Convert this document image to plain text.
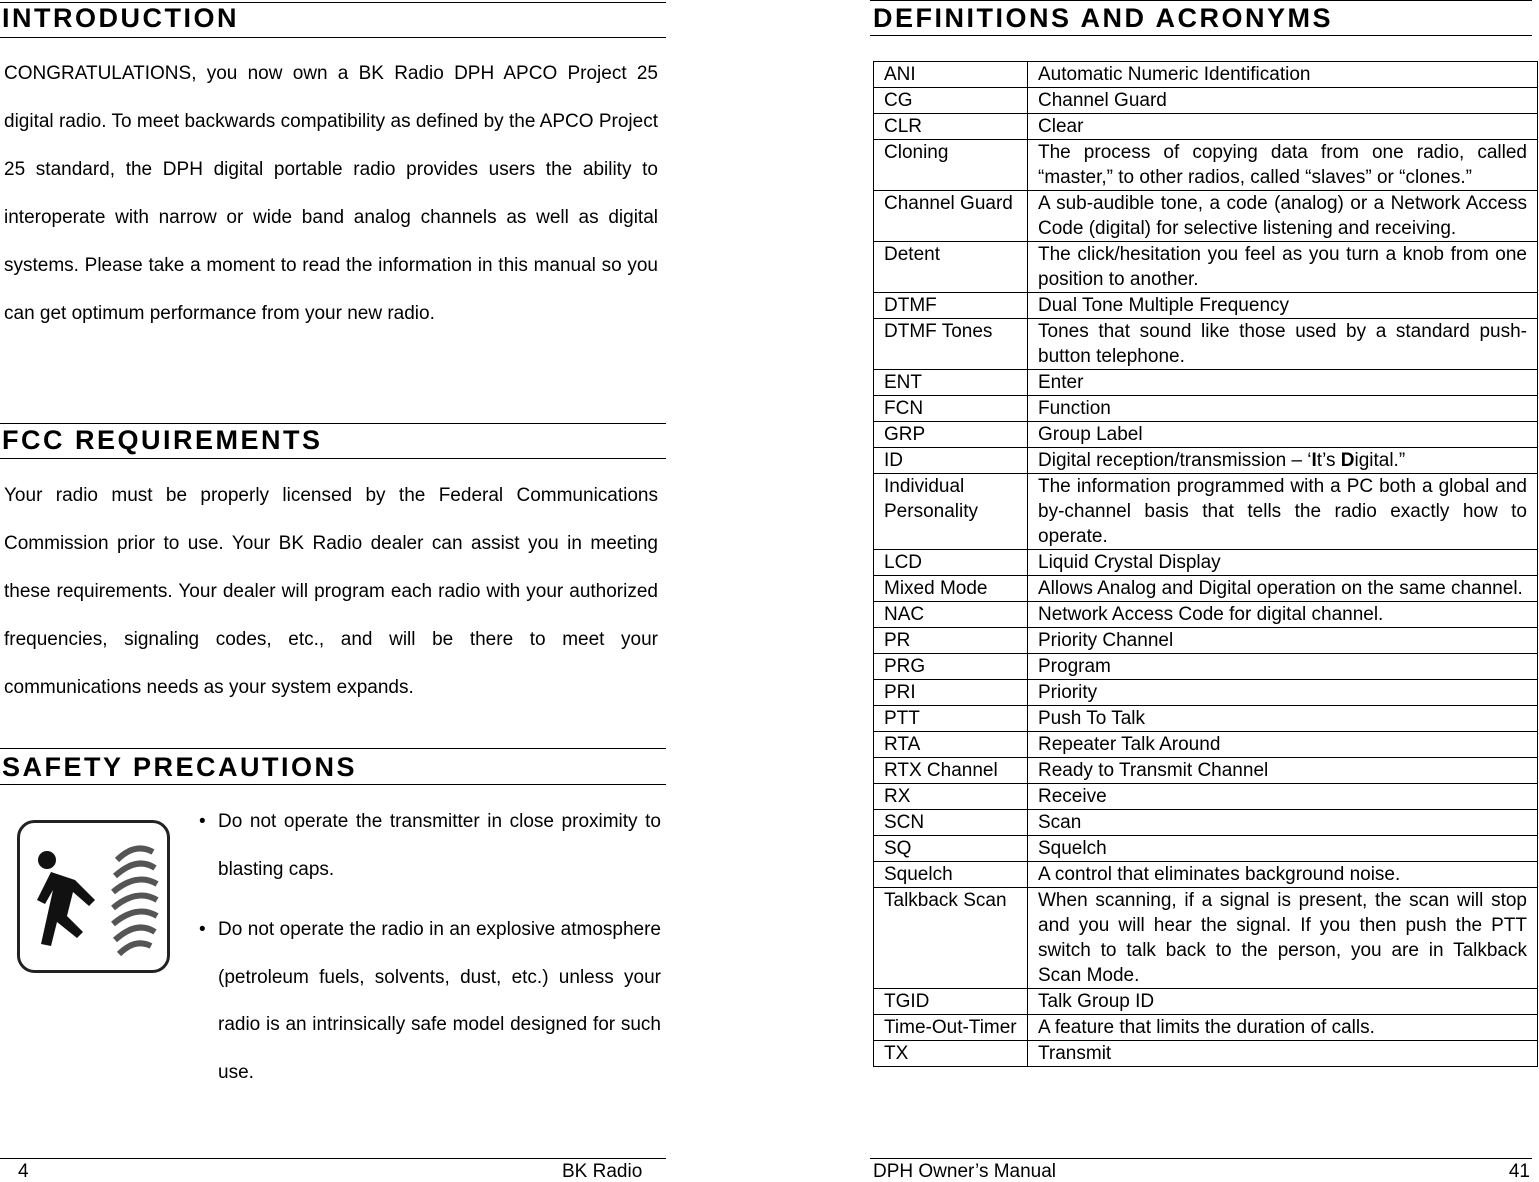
INTRODUCTION

CONGRATULATIONS, you now own a BK Radio DPH APCO Project 25 digital radio. To meet backwards compatibility as defined by the APCO Project 25 standard, the DPH digital portable radio provides users the ability to interoperate with narrow or wide band analog channels as well as digital systems. Please take a moment to read the information in this manual so you can get optimum performance from your new radio.

FCC REQUIREMENTS

Your radio must be properly licensed by the Federal Communications Commission prior to use. Your BK Radio dealer can assist you in meeting these requirements. Your dealer will program each radio with your authorized frequencies, signaling codes, etc., and will be there to meet your communications needs as your system expands.

SAFETY PRECAUTIONS
• Do not operate the transmitter in close proximity to blasting caps.
• Do not operate the radio in an explosive atmosphere (petroleum fuels, solvents, dust, etc.) unless your radio is an intrinsically safe model designed for such use.
4	BK Radio
DEFINITIONS AND ACRONYMS
ANI	Automatic Numeric Identification
CG	Channel Guard
CLR	Clear
Cloning	The process of copying data from one radio, called “master,” to other radios, called “slaves” or “clones.”
Channel Guard	A sub-audible tone, a code (analog) or a Network Access Code (digital) for selective listening and receiving.
Detent	The click/hesitation you feel as you turn a knob from one position to another.
DTMF	Dual Tone Multiple Frequency
DTMF Tones	Tones that sound like those used by a standard push-button telephone.
ENT	Enter
FCN	Function
GRP	Group Label
ID	Digital reception/transmission – ‘It’s Digital.”
Individual Personality	The information programmed with a PC both a global and by-channel basis that tells the radio exactly how to operate.
LCD	Liquid Crystal Display
Mixed Mode	Allows Analog and Digital operation on the same channel.
NAC	Network Access Code for digital channel.
PR	Priority Channel
PRG	Program
PRI	Priority
PTT	Push To Talk
RTA	Repeater Talk Around
RTX Channel	Ready to Transmit Channel
RX	Receive
SCN	Scan
SQ	Squelch
Squelch	A control that eliminates background noise.
Talkback Scan	When scanning, if a signal is present, the scan will stop and you will hear the signal. If you then push the PTT switch to talk back to the person, you are in Talkback Scan Mode.
TGID	Talk Group ID
Time-Out-Timer	A feature that limits the duration of calls.
TX	Transmit
DPH Owner’s Manual	41
